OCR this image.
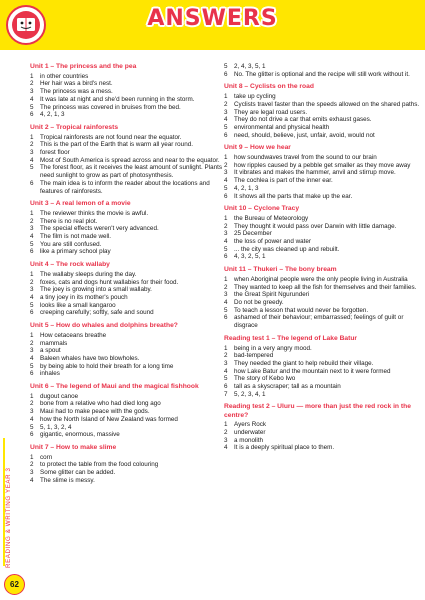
ANSWERS
Unit 1 – The princess and the pea
1	in other countries
2	Her hair was a bird's nest.
3	The princess was a mess.
4	It was late at night and she'd been running in the storm.
5	The princess was covered in bruises from the bed.
6	4, 2, 1, 3
Unit 2 – Tropical rainforests
1	Tropical rainforests are not found near the equator.
2	This is the part of the Earth that is warm all year round.
3	forest floor
4	Most of South America is spread across and near to the equator.
5	The forest floor, as it receives the least amount of sunlight. Plants need sunlight to grow as part of photosynthesis.
6	The main idea is to inform the reader about the locations and features of rainforests.
Unit 3 – A real lemon of a movie
1	The reviewer thinks the movie is awful.
2	There is no real plot.
3	The special effects weren't very advanced.
4	The film is not made well.
5	You are still confused.
6	like a primary school play
Unit 4 – The rock wallaby
1	The wallaby sleeps during the day.
2	foxes, cats and dogs hunt wallabies for their food.
3	The joey is growing into a small wallaby.
4	a tiny joey in its mother's pouch
5	looks like a small kangaroo
6	creeping carefully; softly, safe and sound
Unit 5 – How do whales and dolphins breathe?
1	How cetaceans breathe
2	mammals
3	a spout
4	Baleen whales have two blowholes.
5	by being able to hold their breath for a long time
6	inhales
Unit 6 – The legend of Maui and the magical fishhook
1	dugout canoe
2	bone from a relative who had died long ago
3	Maui had to make peace with the gods.
4	how the North Island of New Zealand was formed
5	5, 1, 3, 2, 4
6	gigantic, enormous, massive
Unit 7 – How to make slime
1	corn
2	to protect the table from the food colouring
3	Some glitter can be added.
4	The slime is messy.
5	2, 4, 3, 5, 1
6	No. The glitter is optional and the recipe will still work without it.
Unit 8 – Cyclists on the road
1	take up cycling
2	Cyclists travel faster than the speeds allowed on the shared paths.
3	They are legal road users.
4	They do not drive a car that emits exhaust gases.
5	environmental and physical health
6	need, should, believe, just, unfair, avoid, would not
Unit 9 – How we hear
1	how soundwaves travel from the sound to our brain
2	how ripples caused by a pebble get smaller as they move away
3	It vibrates and makes the hammer, anvil and stirrup move.
4	The cochlea is part of the inner ear.
5	4, 2, 1, 3
6	It shows all the parts that make up the ear.
Unit 10 – Cyclone Tracy
1	the Bureau of Meteorology
2	They thought it would pass over Darwin with little damage.
3	25 December
4	the loss of power and water
5	... the city was cleaned up and rebuilt.
6	4, 3, 2, 5, 1
Unit 11 – Thukeri – The bony bream
1	when Aboriginal people were the only people living in Australia
2	They wanted to keep all the fish for themselves and their families.
3	the Great Spirit Ngurunderi
4	Do not be greedy.
5	To teach a lesson that would never be forgotten.
6	ashamed of their behaviour; embarrassed; feelings of guilt or disgrace
Reading test 1 – The legend of Lake Batur
1	being in a very angry mood.
2	bad-tempered
3	They needed the giant to help rebuild their village.
4	how Lake Batur and the mountain next to it were formed
5	The story of Kebo Iwo
6	tall as a skyscraper; tall as a mountain
7	5, 2, 3, 4, 1
Reading test 2 – Uluru — more than just the red rock in the centre?
1	Ayers Rock
2	underwater
3	a monolith
4	It is a deeply spiritual place to them.
READING & WRITING YEAR 3
62
